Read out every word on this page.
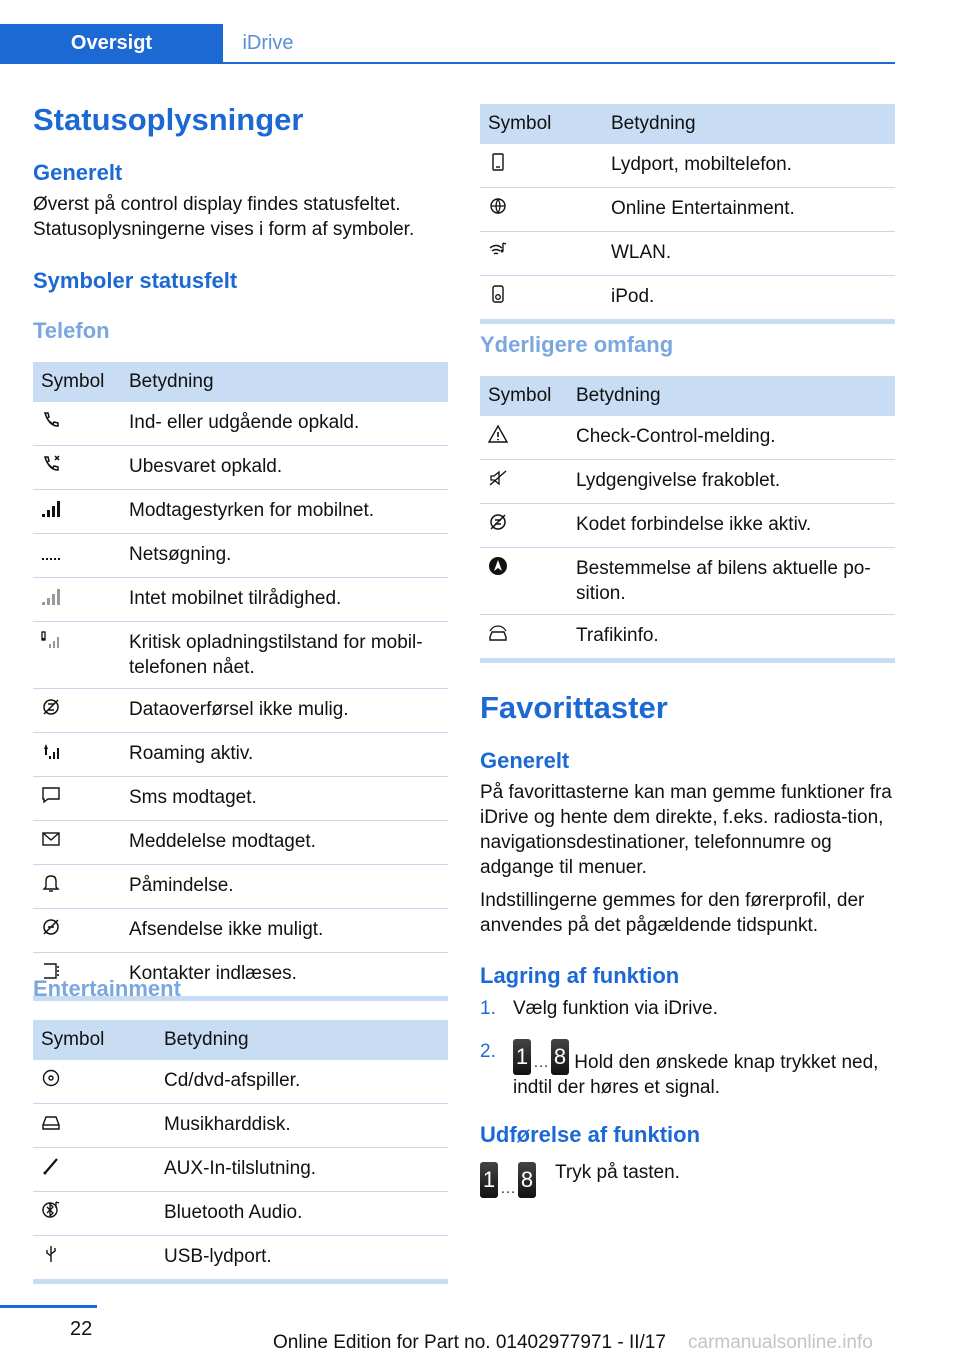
Oversigt	iDrive
Statusoplysninger
Generelt
Øverst på control display findes statusfeltet. Statusoplysningerne vises i form af symboler.
Symboler statusfelt
Telefon
Symbol	Betydning

	Ind- eller udgående opkald.

	Ubesvaret opkald.

	Modtagestyrken for mobilnet.

	Netsøgning.

	Intet mobilnet tilrådighed.

	Kritisk opladningstilstand for mobil-telefonen nået.

	Dataoverførsel ikke mulig.

	Roaming aktiv.

	Sms modtaget.

	Meddelelse modtaget.

	Påmindelse.

	Afsendelse ikke muligt.

	Kontakter indlæses.
Entertainment
Symbol	Betydning

	Cd/dvd-afspiller.

	Musikharddisk.

	AUX-In-tilslutning.

	Bluetooth Audio.

	USB-lydport.
Symbol	Betydning

	Lydport, mobiltelefon.

	Online Entertainment.

	WLAN.

	iPod.
Yderligere omfang
Symbol	Betydning

	Check-Control-melding.

	Lydgengivelse frakoblet.

	Kodet forbindelse ikke aktiv.

	Bestemmelse af bilens aktuelle po-sition.

	Trafikinfo.
Favorittaster
Generelt
På favorittasterne kan man gemme funktioner fra iDrive og hente dem direkte, f.eks. radiosta-tion, navigationsdestinationer, telefonnumre og adgange til menuer.
Indstillingerne gemmes for den førerprofil, der anvendes på det pågældende tidspunkt.
Lagring af funktion
1. Vælg funktion via iDrive.
2. 1 … 8 Hold den ønskede knap trykket ned, indtil der høres et signal.
Udførelse af funktion
1 … 8 Tryk på tasten.
22
Online Edition for Part no. 01402977971 - II/17 carmanualsonline.info
